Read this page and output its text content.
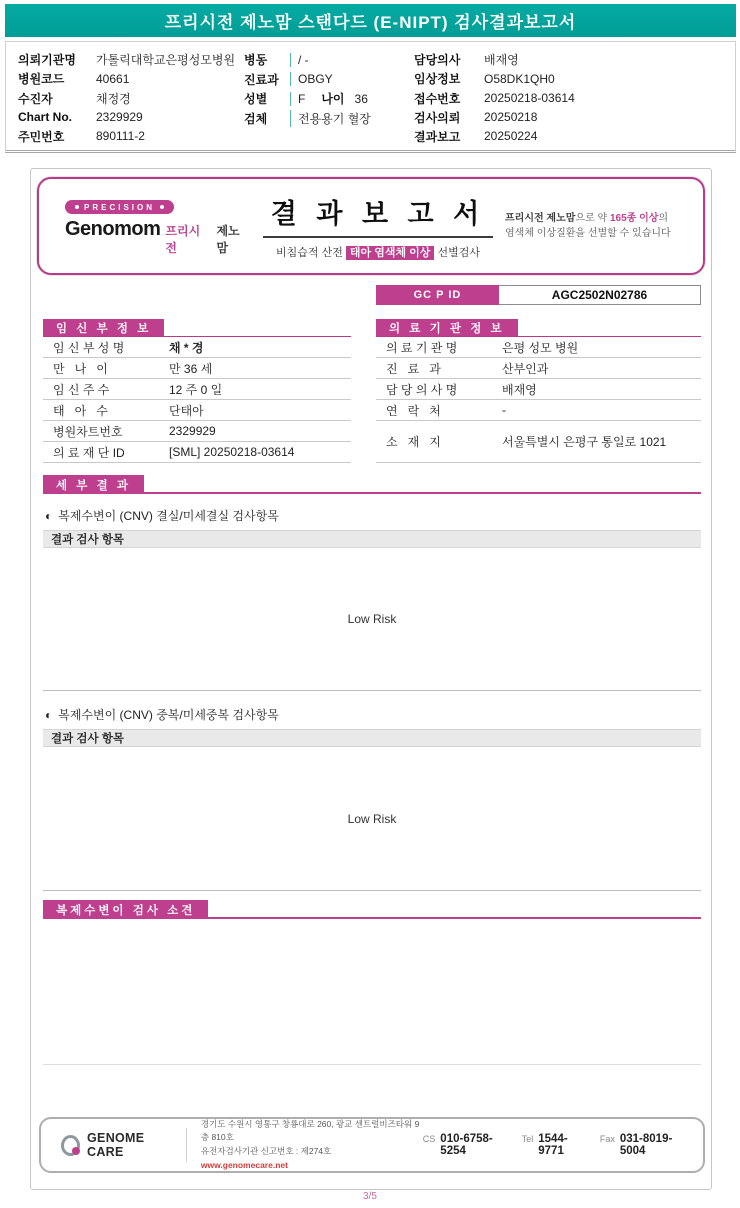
프리시전 제노맘 스탠다드 (E-NIPT) 검사결과보고서
의뢰기관명	가톨릭대학교은평성모병원
병원코드	40661
수진자	채정경
Chart No.	2329929
주민번호	890111-2
병동	/ -
진료과	OBGY
성별	F 나이 36
검체	전용용기 혈장
담당의사	배재영
임상정보	O58DK1QH0
접수번호	20250218-03614
검사의뢰	20250218
결과보고	20250224
PRECISION
Genomom 프리시전
제노맘
결 과 보 고 서
비침습적 산전 태아 염색체 이상 선별검사
프리시전 제노맘으로 약 165종 이상의
염색체 이상질환을 선별할 수 있습니다
GC P ID	AGC2502N02786
임 신 부 정 보
임 신 부 성 명	채 * 경
만   나   이	만 36 세
임 신 주 수	12 주 0 일
태   아   수	단태아
병원차트번호	2329929
의 료 재 단 ID	[SML] 20250218-03614
의 료 기 관 정 보
의 료 기 관 명	은평 성모 병원
진   료   과	산부인과
담 당 의 사 명	배재영
연   락   처	-
소   재   지	서울특별시 은평구 통일로 1021
세 부 결 과
◐ 복제수변이 (CNV) 결실/미세결실 검사항목
결과 검사 항목
Low Risk
◐ 복제수변이 (CNV) 중복/미세중복 검사항목
결과 검사 항목
Low Risk
복제수변이 검사 소견
GENOME CARE
경기도 수원시 영통구 창룡대로 260, 광교 센트럴비즈타워 9층 810호
유전자검사기관 신고번호 : 제274호
www.genomecare.net
CS 010-6758-5254
Tel 1544-9771
Fax 031-8019-5004
3/5
